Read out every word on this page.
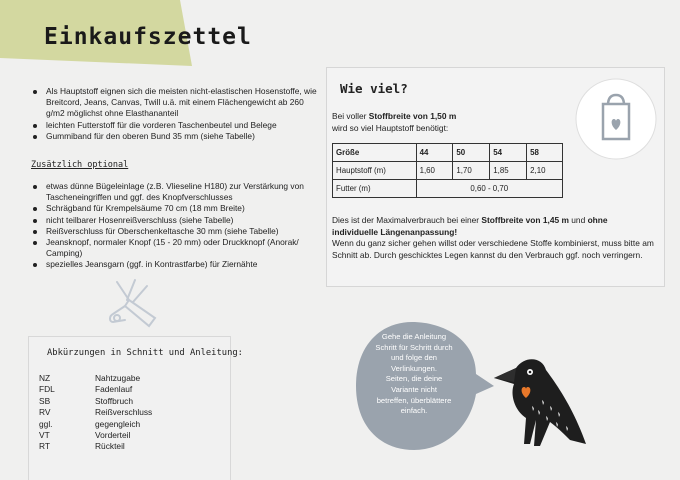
Einkaufszettel
Als Hauptstoff eignen sich die meisten nicht-elastischen Hosenstoffe, wie Breitcord, Jeans, Canvas, Twill u.ä. mit einem Flächengewicht ab 260 g/m2 möglichst ohne Elasthananteil
leichten Futterstoff für die vorderen Taschenbeutel und Belege
Gummiband für den oberen Bund 35 mm (siehe Tabelle)
Zusätzlich optional
etwas dünne Bügeleinlage (z.B. Vlieseline H180) zur Verstärkung von Tascheneingriffen und ggf. des Knopfverschlusses
Schrägband für Krempelsäume 70 cm (18 mm Breite)
nicht teilbarer Hosenreißverschluss (siehe Tabelle)
Reißverschluss für Oberschenkeltasche 30 mm (siehe Tabelle)
Jeansknopf, normaler Knopf (15 - 20 mm) oder Druckknopf (Anorak/ Camping)
spezielles Jeansgarn (ggf. in Kontrastfarbe) für Ziernähte
Wie viel?
Bei voller Stoffbreite von 1,50 m
wird so viel Hauptstoff benötigt:
Größe	44	50	54	58
Hauptstoff (m)	1,60	1,70	1,85	2,10
Futter (m)	0,60 - 0,70			

Dies ist der Maximalverbrauch bei einer Stoffbreite von 1,45 m und ohne individuelle Längenanpassung!

Wenn du ganz sicher gehen willst oder verschiedene Stoffe kombinierst, muss bitte am Schnitt ab. Durch geschicktes Legen kannst du den Verbrauch ggf. noch verringern.

Abkürzungen in Schnitt und Anleitung:
NZ	Nahtzugabe
FDL	Fadenlauf
SB	Stoffbruch
RV	Reißverschluss
ggl.	gegengleich
VT	Vorderteil
RT	Rückteil
Gehe die Anleitung
Schritt für Schritt durch
und folge den
Verlinkungen.
Seiten, die deine
Variante nicht
betreffen, überblättere
einfach.
